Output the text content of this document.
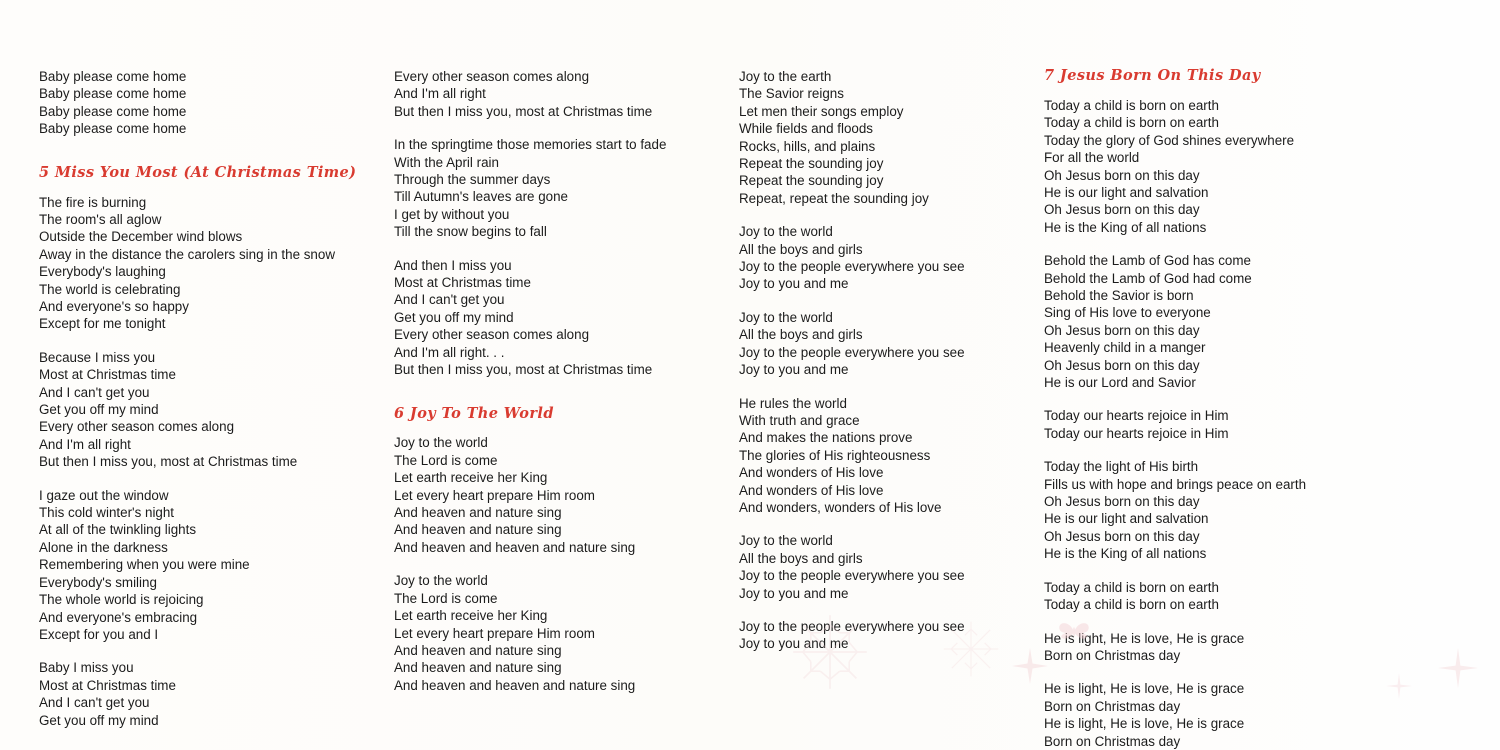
Baby please come home
Baby please come home
Baby please come home
Baby please come home
5 Miss You Most (At Christmas Time)
The fire is burning
The room's all aglow
Outside the December wind blows
Away in the distance the carolers sing in the snow
Everybody's laughing
The world is celebrating
And everyone's so happy
Except for me tonight
Because I miss you
Most at Christmas time
And I can't get you
Get you off my mind
Every other season comes along
And I'm all right
But then I miss you, most at Christmas time
I gaze out the window
This cold winter's night
At all of the twinkling lights
Alone in the darkness
Remembering when you were mine
Everybody's smiling
The whole world is rejoicing
And everyone's embracing
Except for you and I
Baby I miss you
Most at Christmas time
And I can't get you
Get you off my mind
Every other season comes along
And I'm all right
But then I miss you, most at Christmas time
In the springtime those memories start to fade
With the April rain
Through the summer days
Till Autumn's leaves are gone
I get by without you
Till the snow begins to fall
And then I miss you
Most at Christmas time
And I can't get you
Get you off my mind
Every other season comes along
And I'm all right. . .
But then I miss you, most at Christmas time
6 Joy To The World
Joy to the world
The Lord is come
Let earth receive her King
Let every heart prepare Him room
And heaven and nature sing
And heaven and nature sing
And heaven and heaven and nature sing
Joy to the world
The Lord is come
Let earth receive her King
Let every heart prepare Him room
And heaven and nature sing
And heaven and nature sing
And heaven and heaven and nature sing
Joy to the earth
The Savior reigns
Let men their songs employ
While fields and floods
Rocks, hills, and plains
Repeat the sounding joy
Repeat the sounding joy
Repeat, repeat the sounding joy
Joy to the world
All the boys and girls
Joy to the people everywhere you see
Joy to you and me
Joy to the world
All the boys and girls
Joy to the people everywhere you see
Joy to you and me
He rules the world
With truth and grace
And makes the nations prove
The glories of His righteousness
And wonders of His love
And wonders of His love
And wonders, wonders of His love
Joy to the world
All the boys and girls
Joy to the people everywhere you see
Joy to you and me
Joy to the people everywhere you see
Joy to you and me
7 Jesus Born On This Day
Today a child is born on earth
Today a child is born on earth
Today the glory of God shines everywhere
For all the world
Oh Jesus born on this day
He is our light and salvation
Oh Jesus born on this day
He is the King of all nations
Behold the Lamb of God has come
Behold the Lamb of God had come
Behold the Savior is born
Sing of His love to everyone
Oh Jesus born on this day
Heavenly child in a manger
Oh Jesus born on this day
He is our Lord and Savior
Today our hearts rejoice in Him
Today our hearts rejoice in Him
Today the light of His birth
Fills us with hope and brings peace on earth
Oh Jesus born on this day
He is our light and salvation
Oh Jesus born on this day
He is the King of all nations
Today a child is born on earth
Today a child is born on earth
He is light, He is love, He is grace
Born on Christmas day
He is light, He is love, He is grace
Born on Christmas day
He is light, He is love, He is grace
Born on Christmas day
